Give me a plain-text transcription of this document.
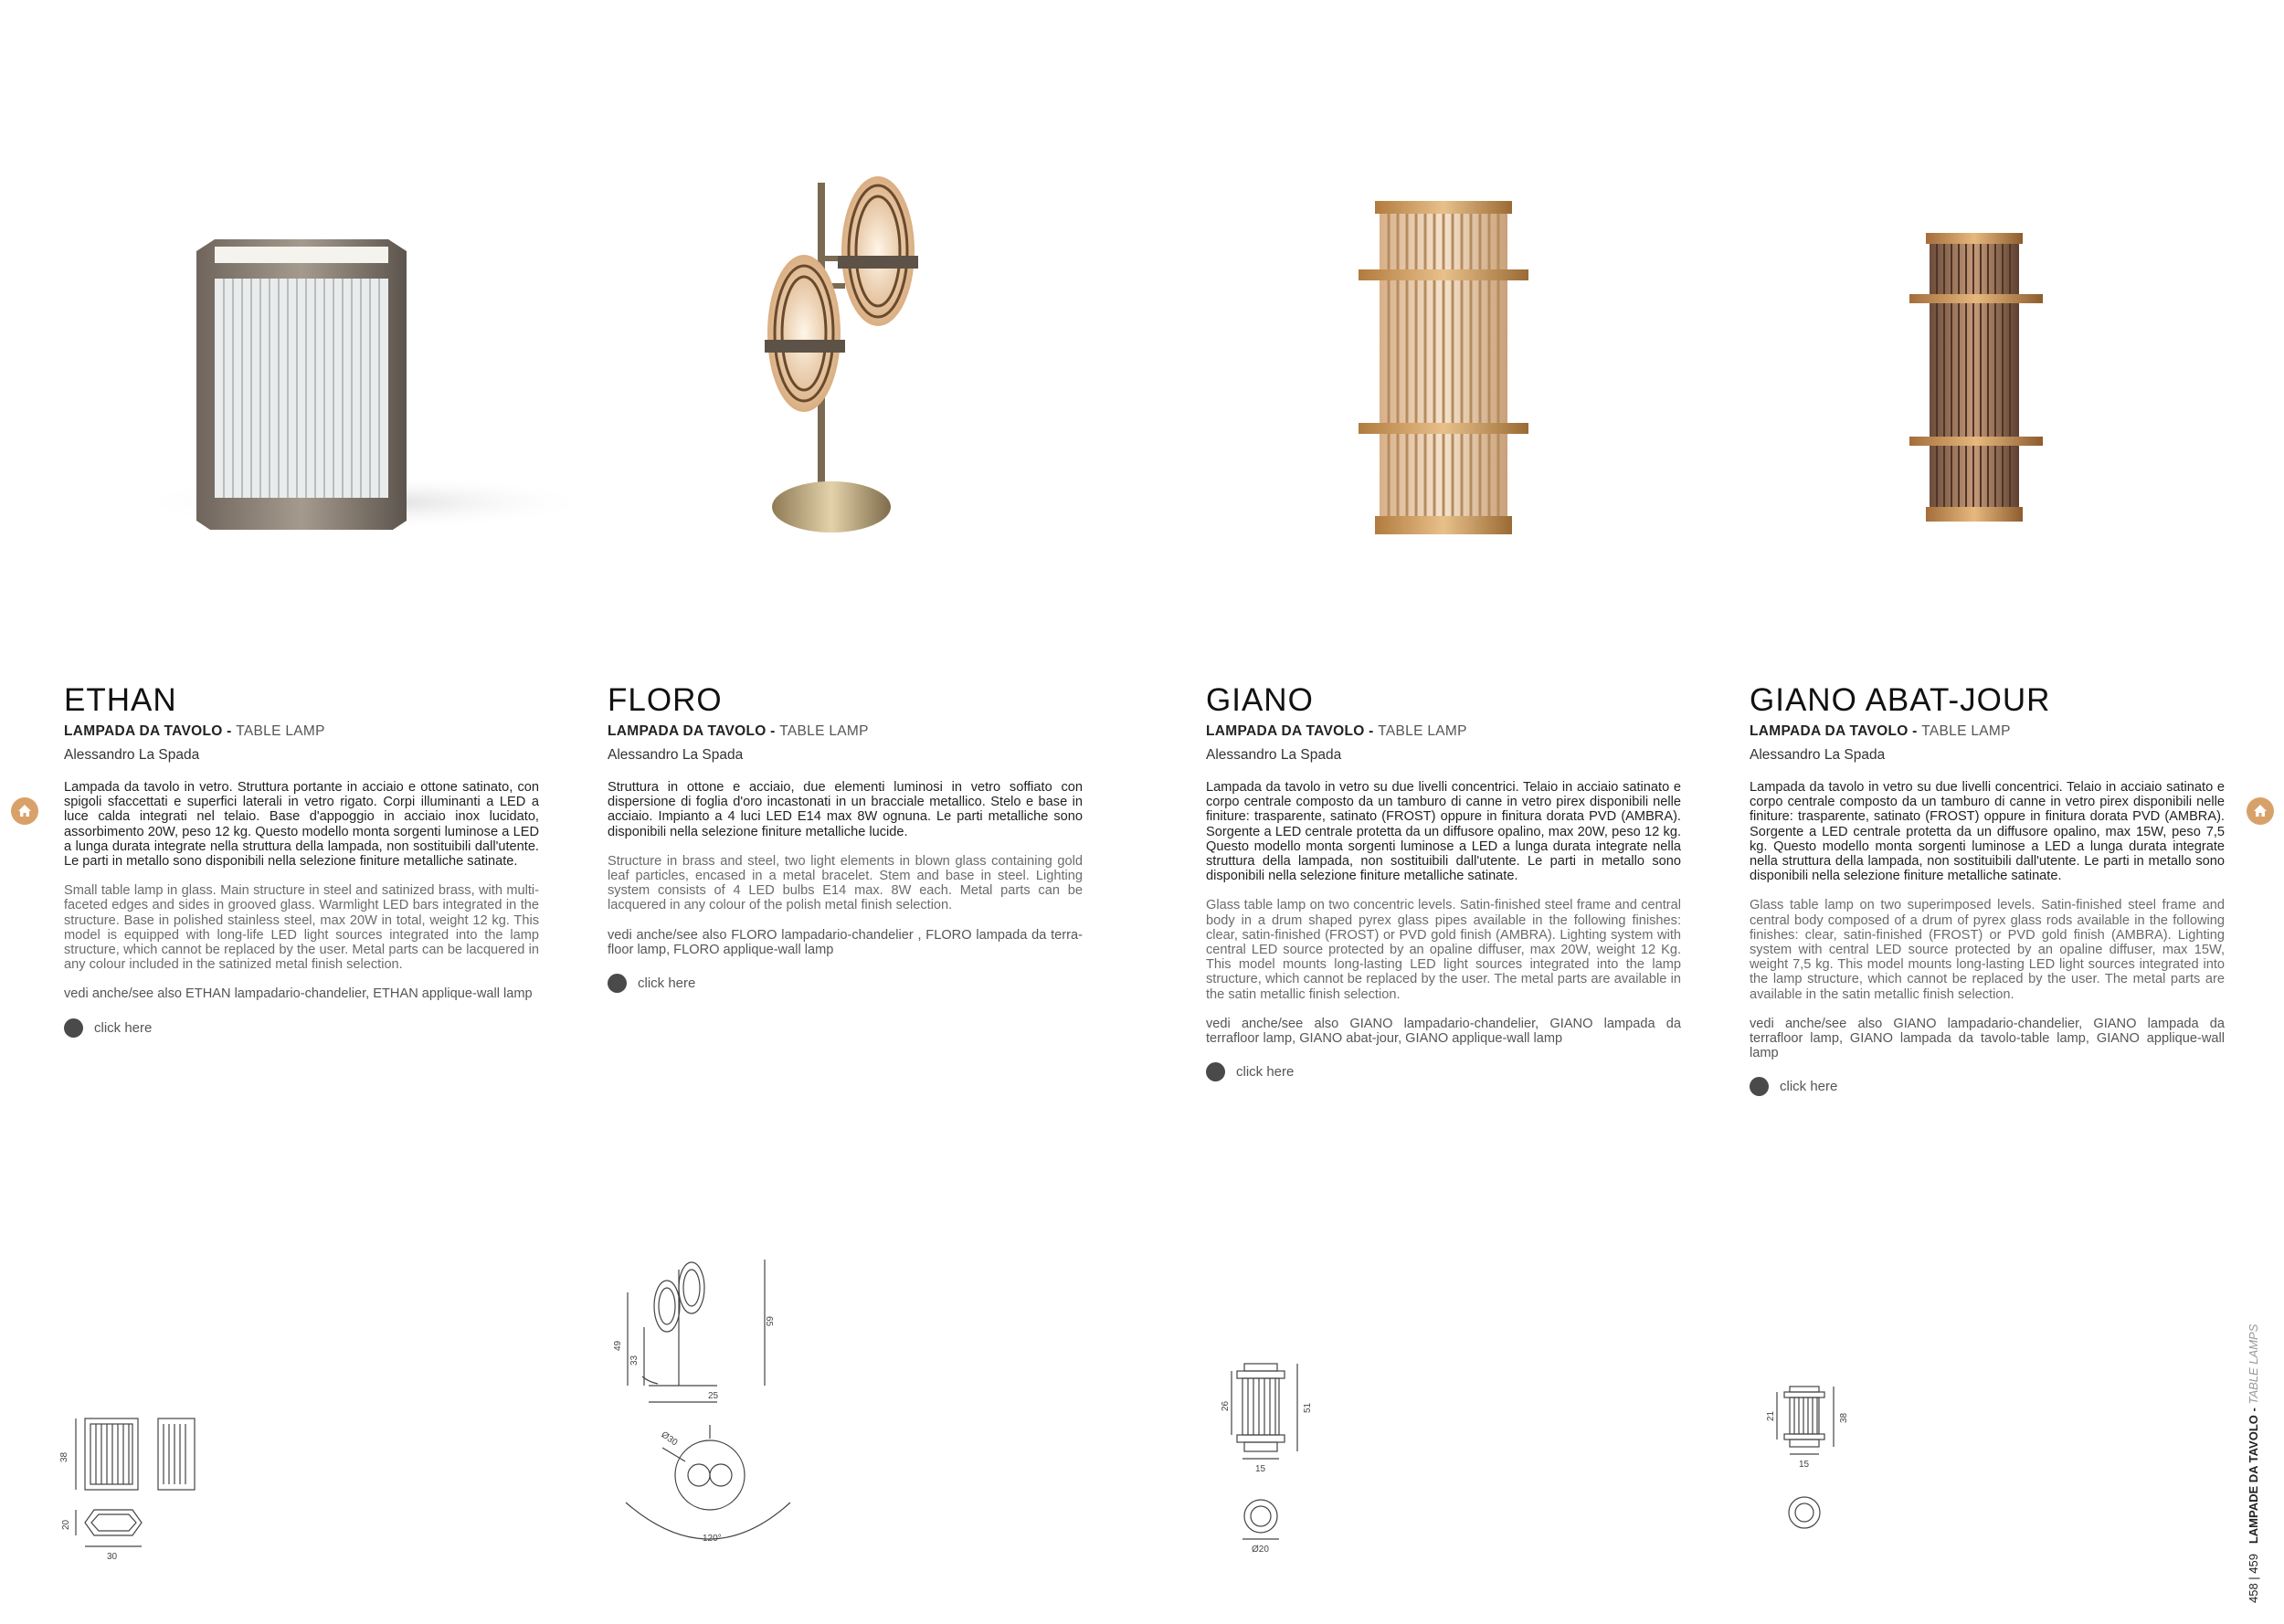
ETHAN
LAMPADA DA TAVOLO - TABLE LAMP
Alessandro La Spada
Lampada da tavolo in vetro. Struttura portante in acciaio e ottone satinato, con spigoli sfaccettati e superfici laterali in vetro rigato. Corpi illuminanti a LED a luce calda integrati nel telaio. Base d'appoggio in acciaio inox lucidato, assorbimento 20W, peso 12 kg. Questo modello monta sorgenti luminose a LED a lunga durata integrate nella struttura della lampada, non sostituibili dall'utente. Le parti in metallo sono disponibili nella selezione finiture metalliche satinate.
Small table lamp in glass. Main structure in steel and satinized brass, with multi-faceted edges and sides in grooved glass. Warmlight LED bars integrated in the structure. Base in polished stainless steel, max 20W in total, weight 12 kg. This model is equipped with long-life LED light sources integrated into the lamp structure, which cannot be replaced by the user. Metal parts can be lacquered in any colour included in the satinized metal finish selection.
vedi anche/see also ETHAN lampadario-chandelier, ETHAN applique-wall lamp
click here
FLORO
LAMPADA DA TAVOLO - TABLE LAMP
Alessandro La Spada
Struttura in ottone e acciaio, due elementi luminosi in vetro soffiato con dispersione di foglia d'oro incastonati in un bracciale metallico. Stelo e base in acciaio. Impianto a 4 luci LED E14 max 8W ognuna. Le parti metalliche sono disponibili nella selezione finiture metalliche lucide.
Structure in brass and steel, two light elements in blown glass containing gold leaf particles, encased in a metal bracelet. Stem and base in steel. Lighting system consists of 4 LED bulbs E14 max. 8W each. Metal parts can be lacquered in any colour of the polish metal finish selection.
vedi anche/see also FLORO lampadario-chandelier , FLORO lampada da terra-floor lamp, FLORO applique-wall lamp
click here
GIANO
LAMPADA DA TAVOLO - TABLE LAMP
Alessandro La Spada
Lampada da tavolo in vetro su due livelli concentrici. Telaio in acciaio satinato e corpo centrale composto da un tamburo di canne in vetro pirex disponibili nelle finiture: trasparente, satinato (FROST) oppure in finitura dorata PVD (AMBRA). Sorgente a LED centrale protetta da un diffusore opalino, max 20W, peso 12 kg. Questo modello monta sorgenti luminose a LED a lunga durata integrate nella struttura della lampada, non sostituibili dall'utente. Le parti in metallo sono disponibili nella selezione finiture metalliche satinate.
Glass table lamp on two concentric levels. Satin-finished steel frame and central body in a drum shaped pyrex glass pipes available in the following finishes: clear, satin-finished (FROST) or PVD gold finish (AMBRA). Lighting system with central LED source protected by an opaline diffuser, max 20W, weight 12 Kg. This model mounts long-lasting LED light sources integrated into the lamp structure, which cannot be replaced by the user. The metal parts are available in the satin metallic finish selection.
vedi anche/see also GIANO lampadario-chandelier, GIANO lampada da terrafloor lamp, GIANO abat-jour, GIANO applique-wall lamp
click here
GIANO ABAT-JOUR
LAMPADA DA TAVOLO - TABLE LAMP
Alessandro La Spada
Lampada da tavolo in vetro su due livelli concentrici. Telaio in acciaio satinato e corpo centrale composto da un tamburo di canne in vetro pirex disponibili nelle finiture: trasparente, satinato (FROST) oppure in finitura dorata PVD (AMBRA). Sorgente a LED centrale protetta da un diffusore opalino, max 15W, peso 7,5 kg. Questo modello monta sorgenti luminose a LED a lunga durata integrate nella struttura della lampada, non sostituibili dall'utente. Le parti in metallo sono disponibili nella selezione finiture metalliche satinate.
Glass table lamp on two superimposed levels. Satin-finished steel frame and central body composed of a drum of pyrex glass rods available in the following finishes: clear, satin-finished (FROST) or PVD gold finish (AMBRA). Lighting system with central LED source protected by an opaline diffuser, max 15W, weight 7,5 kg. This model mounts long-lasting LED light sources integrated into the lamp structure, which cannot be replaced by the user. The metal parts are available in the satin metallic finish selection.
vedi anche/see also GIANO lampadario-chandelier, GIANO lampada da terrafloor lamp, GIANO lampada da tavolo-table lamp, GIANO applique-wall lamp
click here
38
20
30
49
33
65
25
Ø30
120°
26	51
15
Ø20
21	38
15
458 | 459   LAMPADE DA TAVOLO - TABLE LAMPS
